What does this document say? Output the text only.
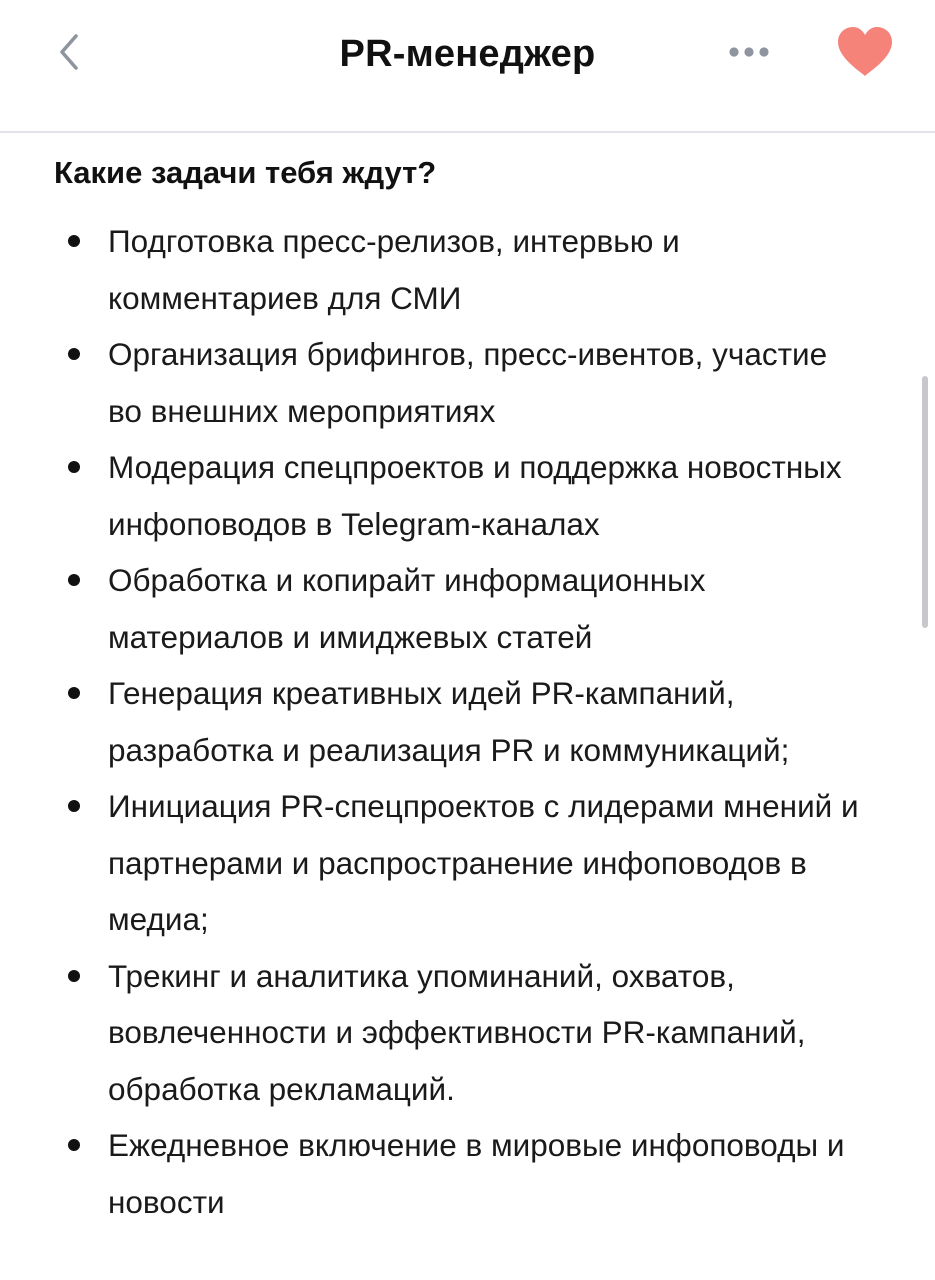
PR-менеджер
Какие задачи тебя ждут?
Подготовка пресс-релизов, интервью и комментариев для СМИ
Организация брифингов, пресс-ивентов, участие во внешних мероприятиях
Модерация спецпроектов и поддержка новостных инфоповодов в Telegram-каналах
Обработка и копирайт информационных материалов и имиджевых статей
Генерация креативных идей PR-кампаний, разработка и реализация PR и коммуникаций;
Инициация PR-спецпроектов с лидерами мнений и партнерами и распространение инфоповодов в медиа;
Трекинг и аналитика упоминаний, охватов, вовлеченности и эффективности PR-кампаний, обработка рекламаций.
Ежедневное включение в мировые инфоповоды и новости
